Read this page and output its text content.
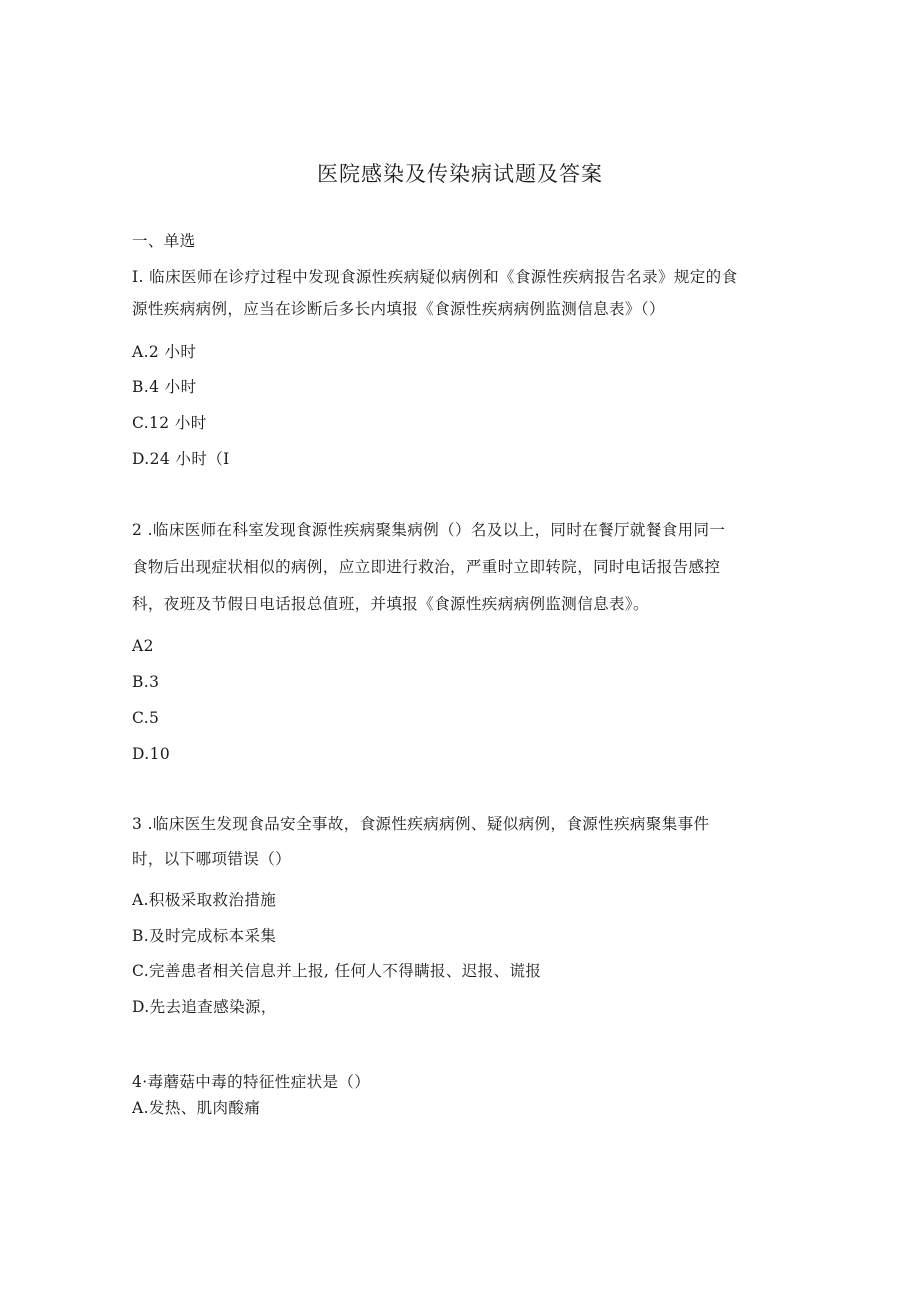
医院感染及传染病试题及答案
一、单选
I. 临床医师在诊疗过程中发现食源性疾病疑似病例和《食源性疾病报告名录》规定的食
源性疾病病例，应当在诊断后多长内填报《食源性疾病病例监测信息表》（）
A.2 小时
B.4 小时
C.12 小时
D.24 小时（I
2 .临床医师在科室发现食源性疾病聚集病例（）名及以上，同时在餐厅就餐食用同一
食物后出现症状相似的病例，应立即进行救治，严重时立即转院，同时电话报告感控
科，夜班及节假日电话报总值班，并填报《食源性疾病病例监测信息表》。
A2
B.3
C.5
D.10
3 .临床医生发现食品安全事故，食源性疾病病例、疑似病例，食源性疾病聚集事件
时，以下哪项错误（）
A.积极采取救治措施
B.及时完成标本采集
C.完善患者相关信息并上报, 任何人不得瞒报、迟报、谎报
D.先去追查感染源，
4·毒蘑菇中毒的特征性症状是（）
A.发热、肌肉酸痛
